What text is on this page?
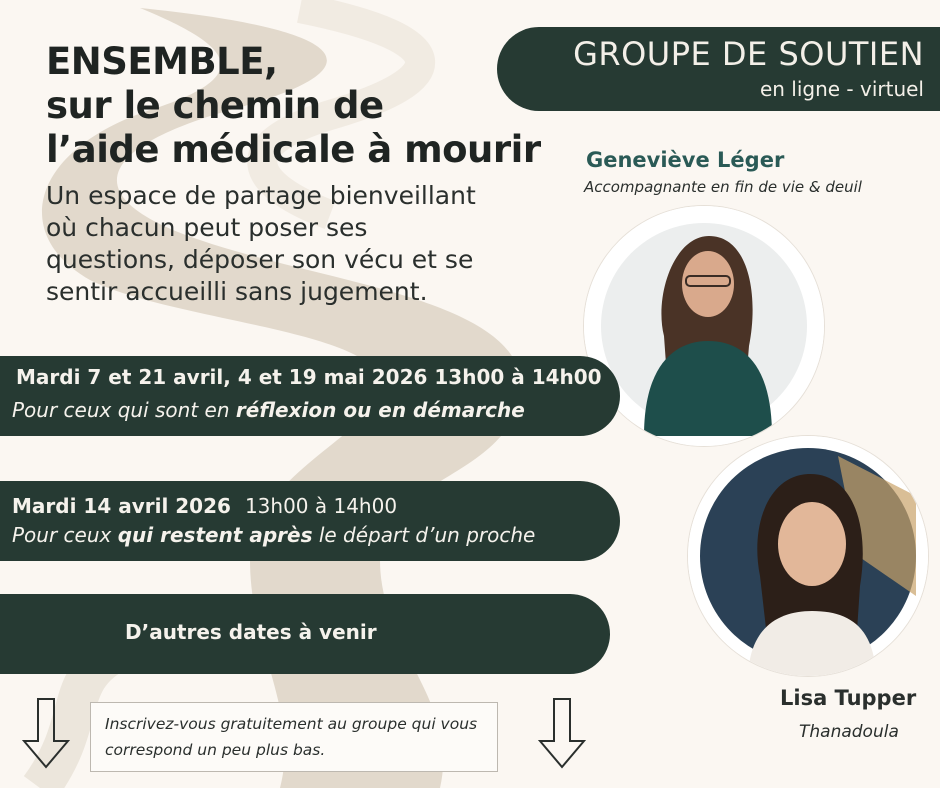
ENSEMBLE,
sur le chemin de
l’aide médicale à mourir
Un espace de partage bienveillant
où chacun peut poser ses
questions, déposer son vécu et se
sentir accueilli sans jugement.
GROUPE DE SOUTIEN
en ligne - virtuel
Geneviève Léger
Accompagnante en fin de vie & deuil
Mardi 7 et 21 avril, 4 et 19 mai 2026 13h00 à 14h00
Pour ceux qui sont en réflexion ou en démarche
Mardi 14 avril 2026 13h00 à 14h00
Pour ceux qui restent après le départ d’un proche
D’autres dates à venir
Lisa Tupper
Thanadoula
Inscrivez-vous gratuitement au groupe qui vous
correspond un peu plus bas.
